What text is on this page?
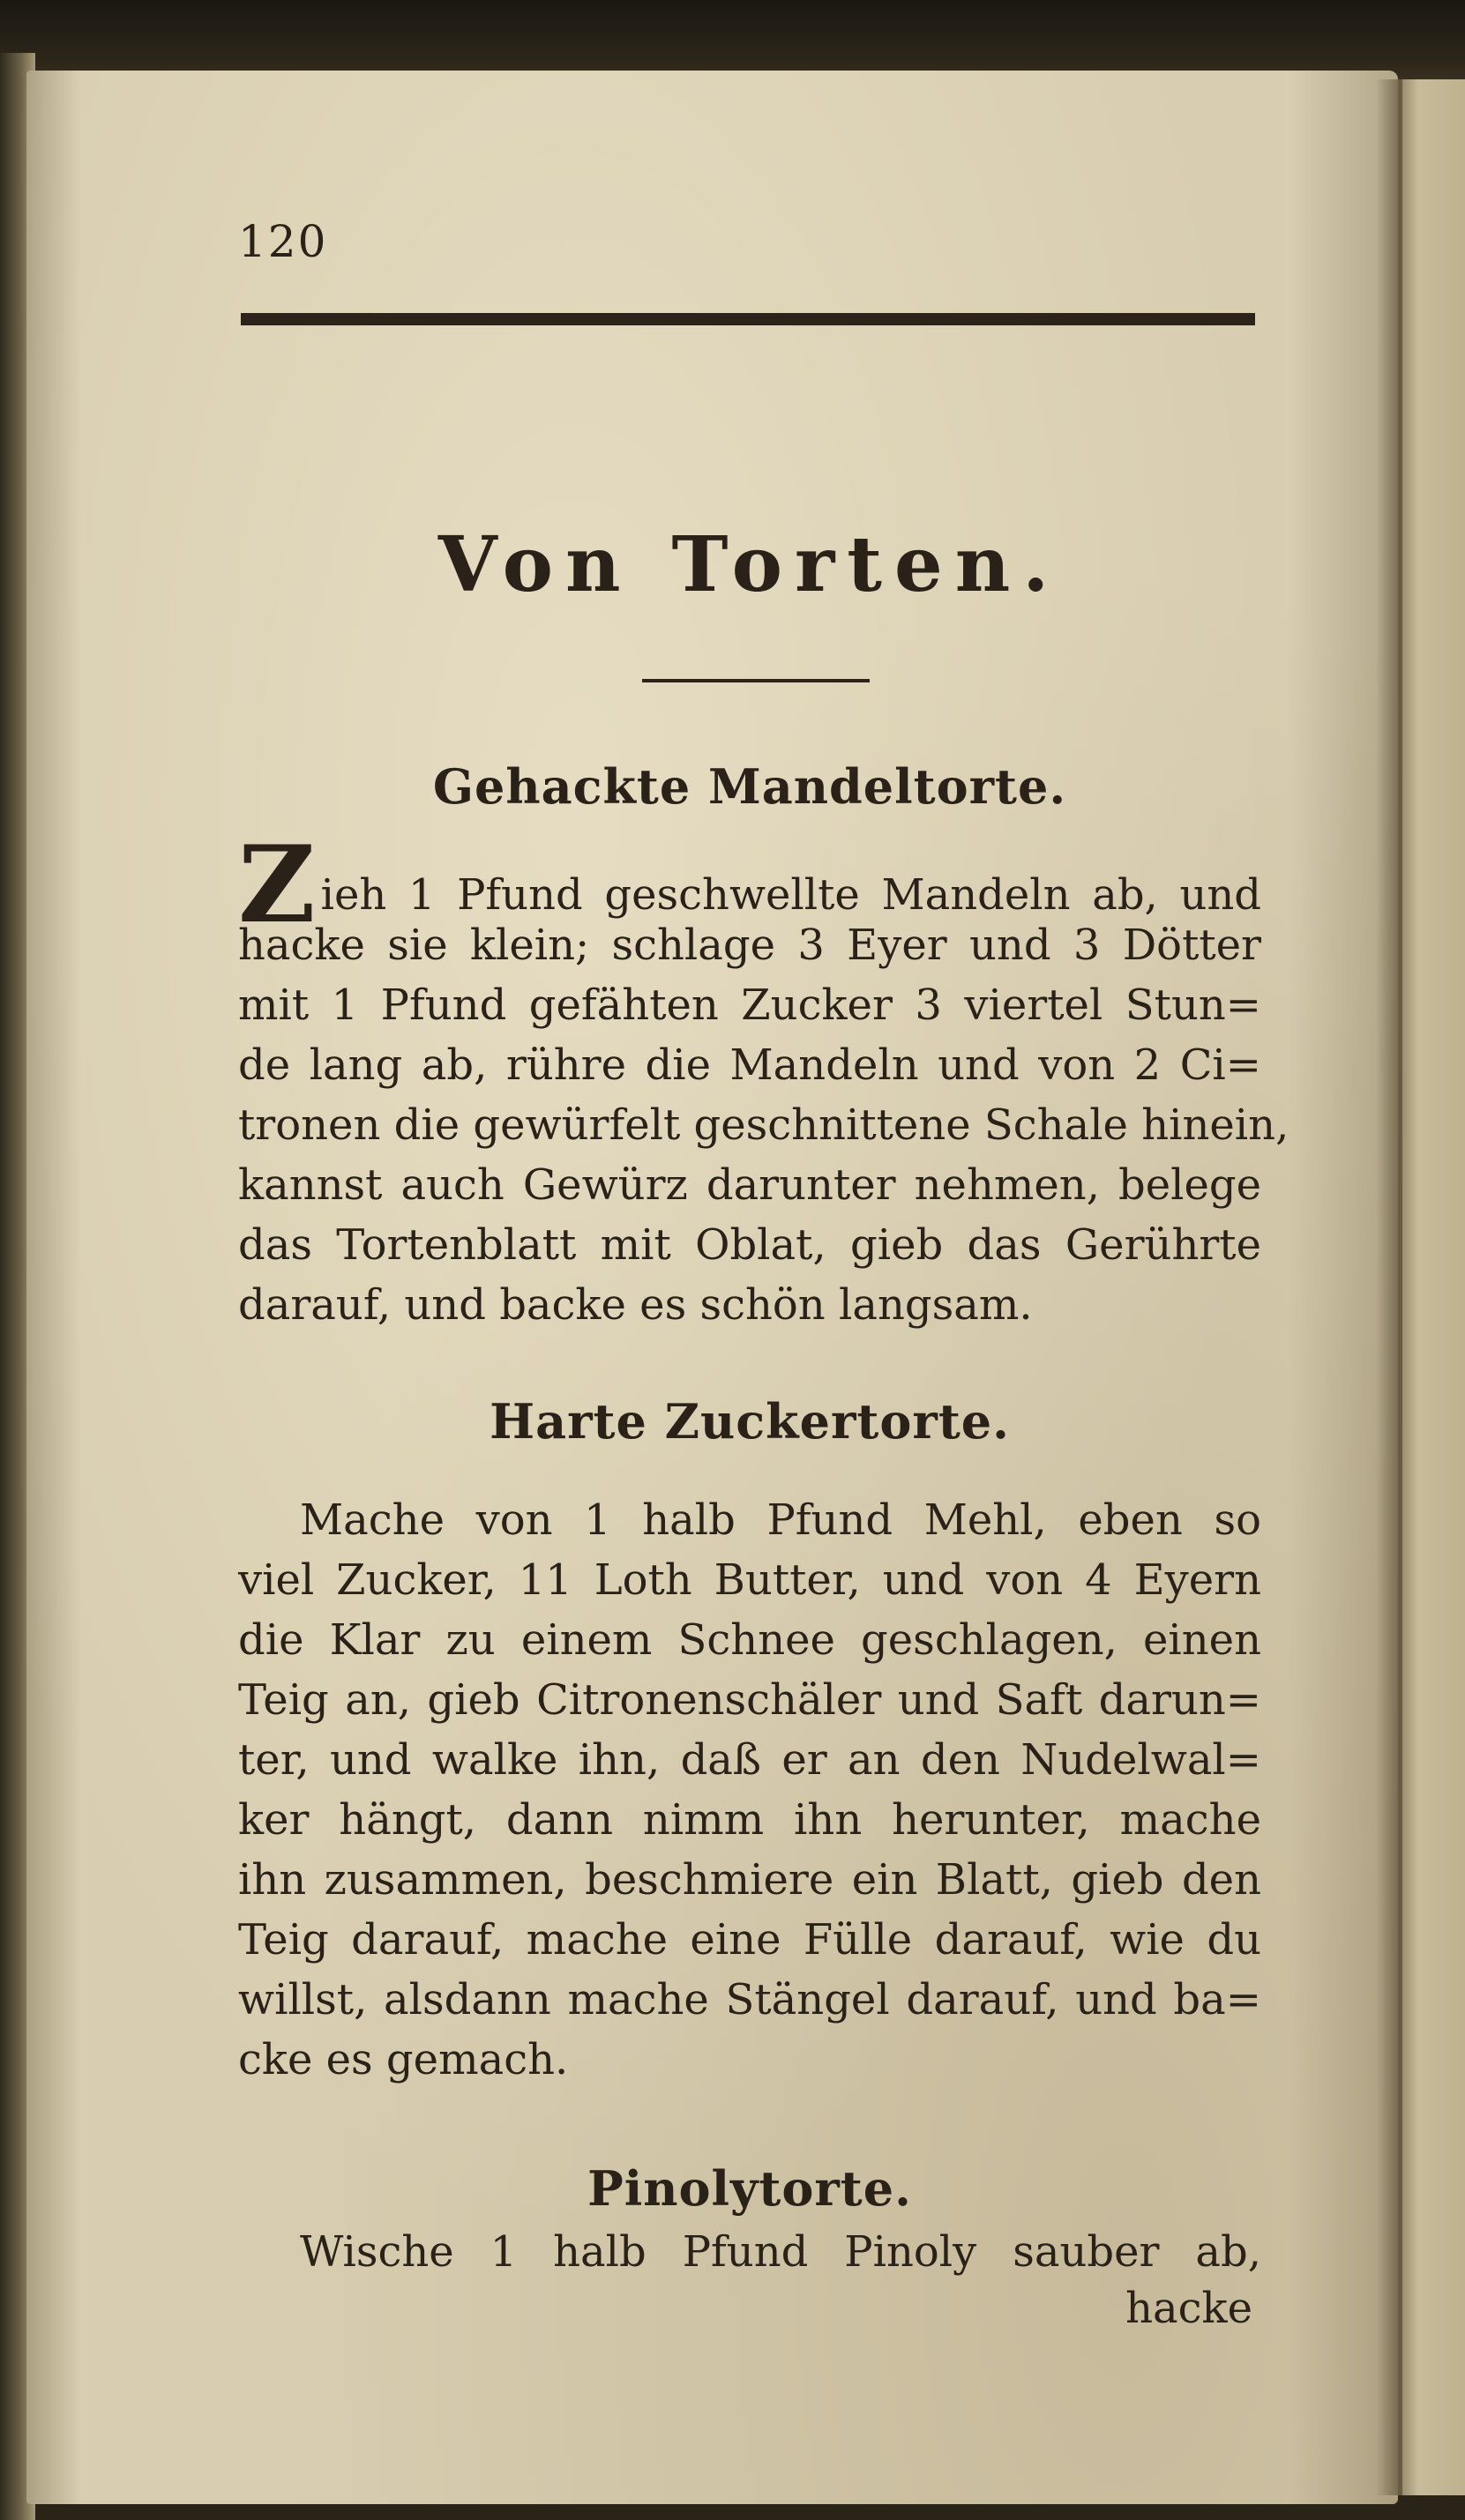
120
Von Torten.
Gehackte Mandeltorte.
Zieh 1 Pfund geschwellte Mandeln ab, und
hacke sie klein; schlage 3 Eyer und 3 Dötter
mit 1 Pfund gefähten Zucker 3 viertel Stun=
de lang ab, rühre die Mandeln und von 2 Ci=
tronen die gewürfelt geschnittene Schale hinein,
kannst auch Gewürz darunter nehmen, belege
das Tortenblatt mit Oblat, gieb das Gerührte
darauf, und backe es schön langsam.
Harte Zuckertorte.
Mache von 1 halb Pfund Mehl, eben so
viel Zucker, 11 Loth Butter, und von 4 Eyern
die Klar zu einem Schnee geschlagen, einen
Teig an, gieb Citronenschäler und Saft darun=
ter, und walke ihn, daß er an den Nudelwal=
ker hängt, dann nimm ihn herunter, mache
ihn zusammen, beschmiere ein Blatt, gieb den
Teig darauf, mache eine Fülle darauf, wie du
willst, alsdann mache Stängel darauf, und ba=
cke es gemach.
Pinolytorte.
Wische 1 halb Pfund Pinoly sauber ab,
hacke
